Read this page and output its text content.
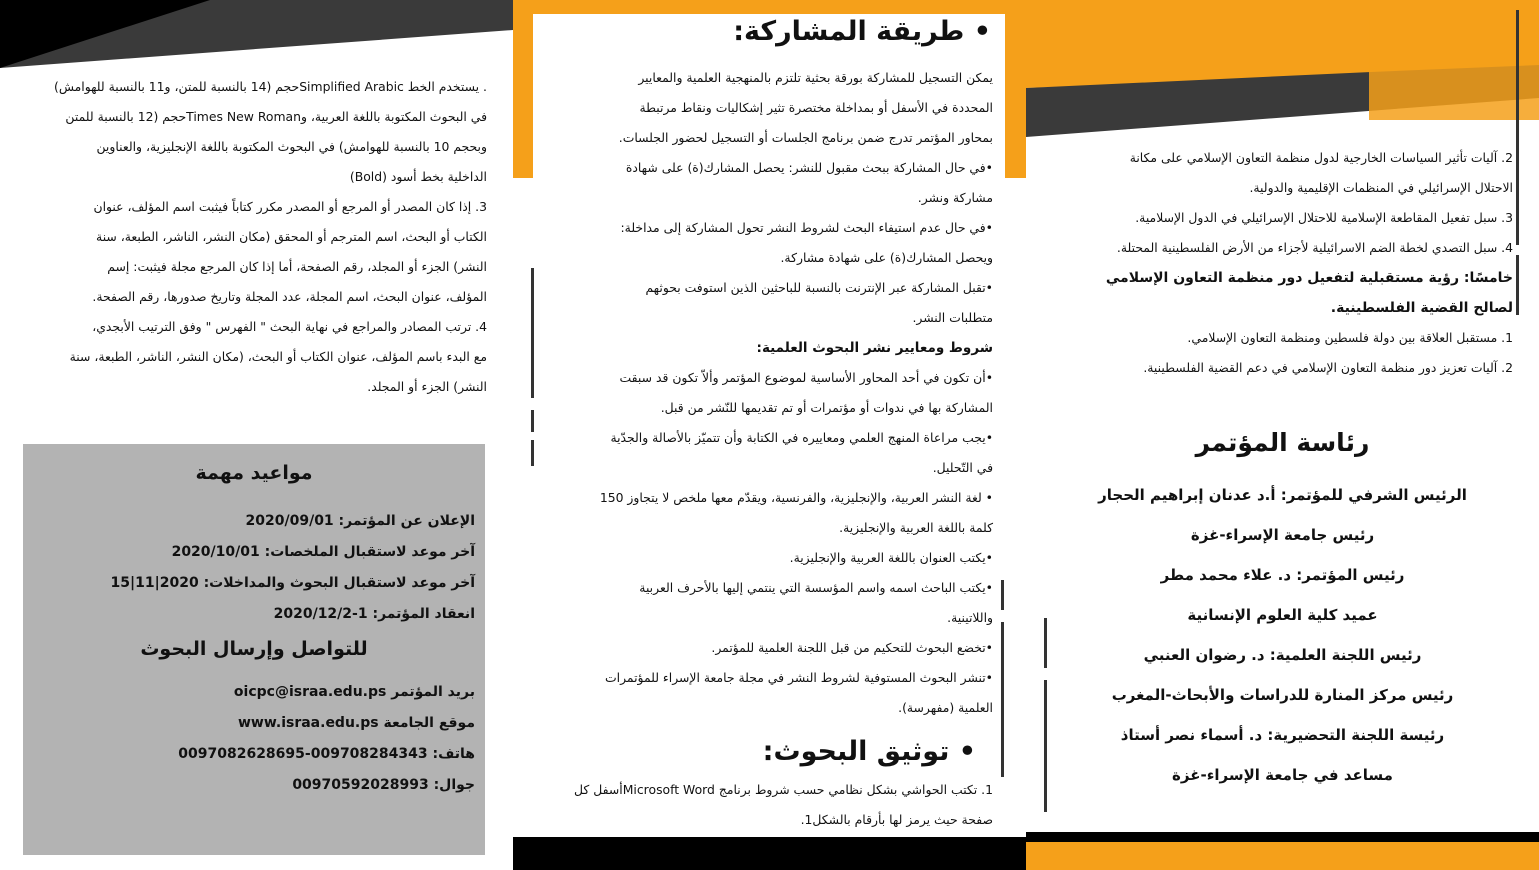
. يستخدم الخط Simplified Arabicحجم (14 بالنسبة للمتن، و11 بالنسبة للهوامش)

في البحوث المكتوبة باللغة العربية، وTimes New Romanحجم (12 بالنسبة للمتن

وبحجم 10 بالنسبة للهوامش) في البحوث المكتوبة باللغة الإنجليزية، والعناوين

الداخلية بخط أسود (Bold)

3. إذا كان المصدر أو المرجع أو المصدر مكرر كتاباً فيثبت اسم المؤلف، عنوان

الكتاب أو البحث، اسم المترجم أو المحقق (مكان النشر، الناشر، الطبعة، سنة

النشر) الجزء أو المجلد، رقم الصفحة، أما إذا كان المرجع مجلة فيثبت: إسم

المؤلف، عنوان البحث، اسم المجلة، عدد المجلة وتاريخ صدورها، رقم الصفحة.

4. ترتب المصادر والمراجع في نهاية البحث " الفهرس " وفق الترتيب الأبجدي،

مع البدء باسم المؤلف، عنوان الكتاب أو البحث، (مكان النشر، الناشر، الطبعة، سنة

النشر) الجزء أو المجلد.

مواعيد مهمة
الإعلان عن المؤتمر: 2020/09/01
آخر موعد لاستقبال الملخصات: 2020/10/01
آخر موعد لاستقبال البحوث والمداخلات: 2020|11|15
انعقاد المؤتمر: 1-2020/12/2
للتواصل وإرسال البحوث
بريد المؤتمر oicpc@israa.edu.ps
موقع الجامعة www.israa.edu.ps
هاتف: 009708284343-0097082628695
جوال: 00970592028993
• طريقة المشاركة:

يمكن التسجيل للمشاركة بورقة بحثية تلتزم بالمنهجية العلمية والمعايير

المحددة في الأسفل أو بمداخلة مختصرة تثير إشكاليات ونقاط مرتبطة

بمحاور المؤتمر تدرج ضمن برنامج الجلسات أو التسجيل لحضور الجلسات.

•في حال المشاركة ببحث مقبول للنشر: يحصل المشارك(ة) على شهادة

مشاركة ونشر.

•في حال عدم استيفاء البحث لشروط النشر تحول المشاركة إلى مداخلة:

ويحصل المشارك(ة) على شهادة مشاركة.

•تقبل المشاركة عبر الإنترنت بالنسبة للباحثين الذين استوفت بحوثهم

متطلبات النشر.

شروط ومعايير نشر البحوث العلمية:

•أن تكون في أحد المحاور الأساسية لموضوع المؤتمر وألاّ تكون قد سبقت

المشاركة بها في ندوات أو مؤتمرات أو تم تقديمها للنّشر من قبل.

•يجب مراعاة المنهج العلمي ومعاييره في الكتابة وأن تتميّز بالأصالة والجدّية

في التّحليل.

• لغة النشر العربية، والإنجليزية، والفرنسية، ويقدّم معها ملخص لا يتجاوز 150

كلمة باللغة العربية والإنجليزية.

•يكتب العنوان باللغة العربية والإنجليزية.

•يكتب الباحث اسمه واسم المؤسسة التي ينتمي إليها بالأحرف العربية

واللاتينية.

•تخضع البحوث للتحكيم من قبل اللجنة العلمية للمؤتمر.

•تنشر البحوث المستوفية لشروط النشر في مجلة جامعة الإسراء للمؤتمرات

العلمية (مفهرسة).

• توثيق البحوث:

1. تكتب الحواشي بشكل نظامي حسب شروط برنامج Microsoft Wordأسفل كل

صفحة حيث يرمز لها بأرقام بالشكل1.

2. آليات تأثير السياسات الخارجية لدول منظمة التعاون الإسلامي على مكانة

الاحتلال الإسرائيلي في المنظمات الإقليمية والدولية.

3. سبل تفعيل المقاطعة الإسلامية للاحتلال الإسرائيلي في الدول الإسلامية.

4. سبل التصدي لخطة الضم الاسرائيلية لأجزاء من الأرض الفلسطينية المحتلة.

خامسًا: رؤية مستقبلية لتفعيل دور منظمة التعاون الإسلامي

لصالح القضية الفلسطينية.

1. مستقبل العلاقة بين دولة فلسطين ومنظمة التعاون الإسلامي.

2. آليات تعزيز دور منظمة التعاون الإسلامي في دعم القضية الفلسطينية.

رئاسة المؤتمر
الرئيس الشرفي للمؤتمر: أ.د عدنان إبراهيم الحجار
رئيس جامعة الإسراء-غزة
رئيس المؤتمر: د. علاء محمد مطر
عميد كلية العلوم الإنسانية
رئيس اللجنة العلمية: د. رضوان العنبي
رئيس مركز المنارة للدراسات والأبحاث-المغرب
رئيسة اللجنة التحضيرية: د. أسماء نصر أستاذ
مساعد في جامعة الإسراء-غزة
